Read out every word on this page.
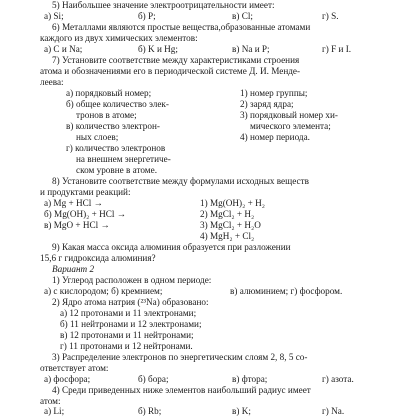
5) Наибольшее значение электроотрицательности имеет:
а) Si;	б) P;	в) Cl;	г) S.
6) Металлами являются простые вещества,образованные атомами
каждого из двух химических элементов:
а) C и Na;	б) K и Hg;	в) Na и P;	г) F и I.
7) Установите соответствие между характеристиками строения
атома и обозначениями его в периодической системе Д. И. Менде-
леева:
а) порядковый номер;	1) номер группы;
б) общее количество элек-	2) заряд ядра;
тронов в атоме;	3) порядковый номер хи-
в) количество электрон-	мического элемента;
ных слоев;	4) номер периода.
г) количество электронов
на внешнем энергетиче-
ском уровне в атоме.
8) Установите соответствие между формулами исходных веществ
и продуктами реакций:
а) Mg + HCl →	1) Mg(OH)₂ + H₂
б) Mg(OH)₂ + HCl →	2) MgCl₂ + H₂
в) MgO + HCl →	3) MgCl₂ + H₂O
4) MgH₂ + Cl₂
9) Какая масса оксида алюминия образуется при разложении
15,6 г гидроксида алюминия?
Вариант 2
1) Углерод расположен в одном периоде:
а) с кислородом; б) кремнием;	в) алюминием; г) фосфором.
2) Ядро атома натрия (²³Na) образовано:
а) 12 протонами и 11 электронами;
б) 11 нейтронами и 12 электронами;
в) 12 протонами и 11 нейтронами;
г) 11 протонами и 12 нейтронами.
3) Распределение электронов по энергетическим слоям 2, 8, 5 со-
ответствует атом:
а) фосфора;	б) бора;	в) фтора;	г) азота.
4) Среди приведенных ниже элементов наибольший радиус имеет
атом:
а) Li;	б) Rb;	в) K;	г) Na.
